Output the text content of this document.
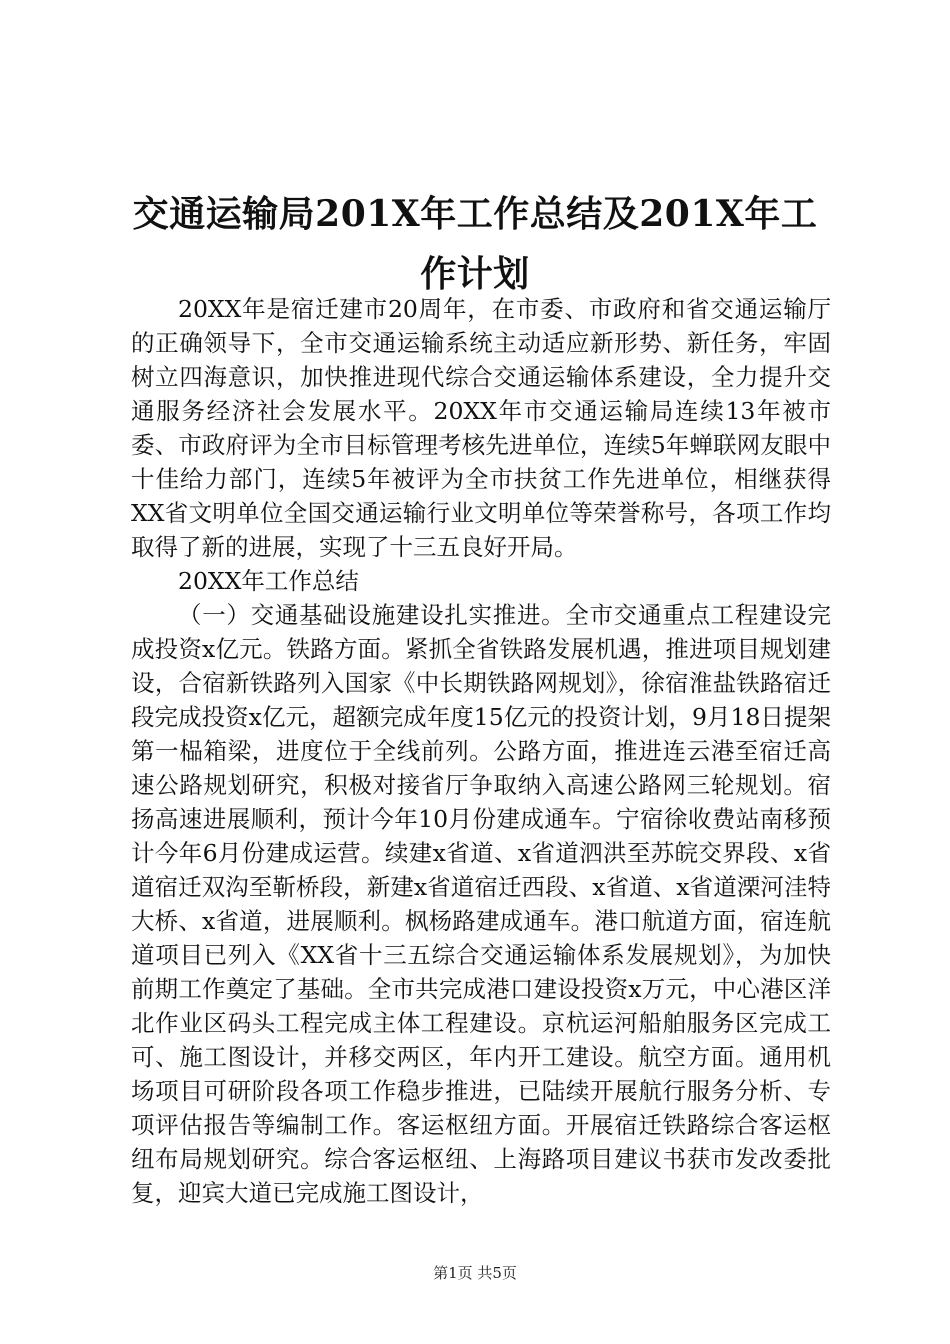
交通运输局201X年工作总结及201X年工作计划

20XX年是宿迁建市20周年，在市委、市政府和省交通运输厅的正确领导下，全市交通运输系统主动适应新形势、新任务，牢固树立四海意识，加快推进现代综合交通运输体系建设，全力提升交通服务经济社会发展水平。20XX年市交通运输局连续13年被市委、市政府评为全市目标管理考核先进单位，连续5年蝉联网友眼中十佳给力部门，连续5年被评为全市扶贫工作先进单位，相继获得XX省文明单位全国交通运输行业文明单位等荣誉称号，各项工作均取得了新的进展，实现了十三五良好开局。

20XX年工作总结

（一）交通基础设施建设扎实推进。全市交通重点工程建设完成投资x亿元。铁路方面。紧抓全省铁路发展机遇，推进项目规划建设，合宿新铁路列入国家《中长期铁路网规划》，徐宿淮盐铁路宿迁段完成投资x亿元，超额完成年度15亿元的投资计划，9月18日提架第一榀箱梁，进度位于全线前列。公路方面，推进连云港至宿迁高速公路规划研究，积极对接省厅争取纳入高速公路网三轮规划。宿扬高速进展顺利，预计今年10月份建成通车。宁宿徐收费站南移预计今年6月份建成运营。续建x省道、x省道泗洪至苏皖交界段、x省道宿迁双沟至靳桥段，新建x省道宿迁西段、x省道、x省道溧河洼特大桥、x省道，进展顺利。枫杨路建成通车。港口航道方面，宿连航道项目已列入《XX省十三五综合交通运输体系发展规划》，为加快前期工作奠定了基础。全市共完成港口建设投资x万元，中心港区洋北作业区码头工程完成主体工程建设。京杭运河船舶服务区完成工可、施工图设计，并移交两区，年内开工建设。航空方面。通用机场项目可研阶段各项工作稳步推进，已陆续开展航行服务分析、专项评估报告等编制工作。客运枢纽方面。开展宿迁铁路综合客运枢纽布局规划研究。综合客运枢纽、上海路项目建议书获市发改委批复，迎宾大道已完成施工图设计，

第1页 共5页
